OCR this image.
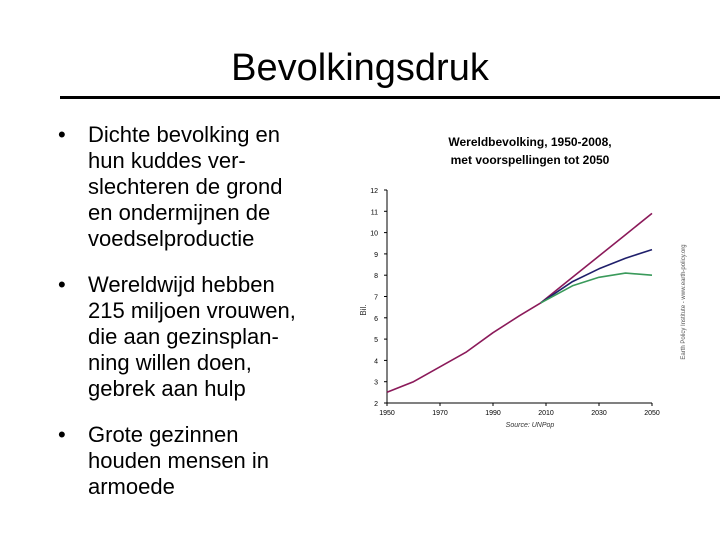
Bevolkingsdruk
• Dichte bevolking en
hun kuddes ver-
slechteren de grond
en ondermijnen de
voedselproductie
• Wereldwijd hebben
215 miljoen vrouwen,
die aan gezinsplan-
ning willen doen,
gebrek aan hulp
• Grote gezinnen
houden mensen in
armoede
Wereldbevolking, 1950-2008,
met voorspellingen tot 2050
Bil.
Source: UNPop
Earth Policy Institute - www.earth-policy.org
2
3
4
5
6
7
8
9
10
11
12
1950	1970	1990	2010	2030	2050
